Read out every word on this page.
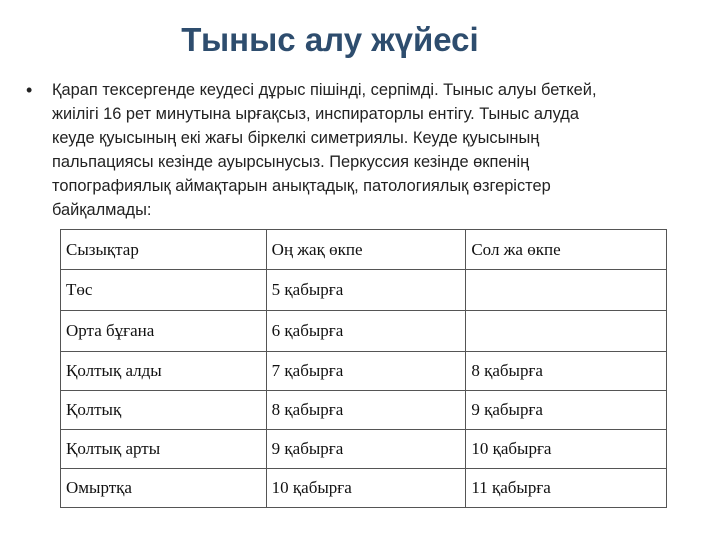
Тыныс алу жүйесі
• Қарап тексергенде кеудесі дұрыс пішінді, серпімді. Тыныс алуы беткей,
жиілігі 16 рет минутына ырғақсыз, инспираторлы ентігу. Тыныс алуда
кеуде қуысының екі жағы біркелкі симетриялы. Кеуде қуысының
пальпациясы кезінде ауырсынусыз. Перкуссия кезінде өкпенің
топографиялық аймақтарын анықтадық, патологиялық өзгерістер
байқалмады:

Сызықтар	Оң жақ өкпе	Сол жа өкпе
Төс	5 қабырға	
Орта бұғана	6 қабырға	
Қолтық алды	7 қабырға	8 қабырға
Қолтық	8 қабырға	9 қабырға
Қолтық арты	9 қабырға	10 қабырға
Омыртқа	10 қабырға	11 қабырға
